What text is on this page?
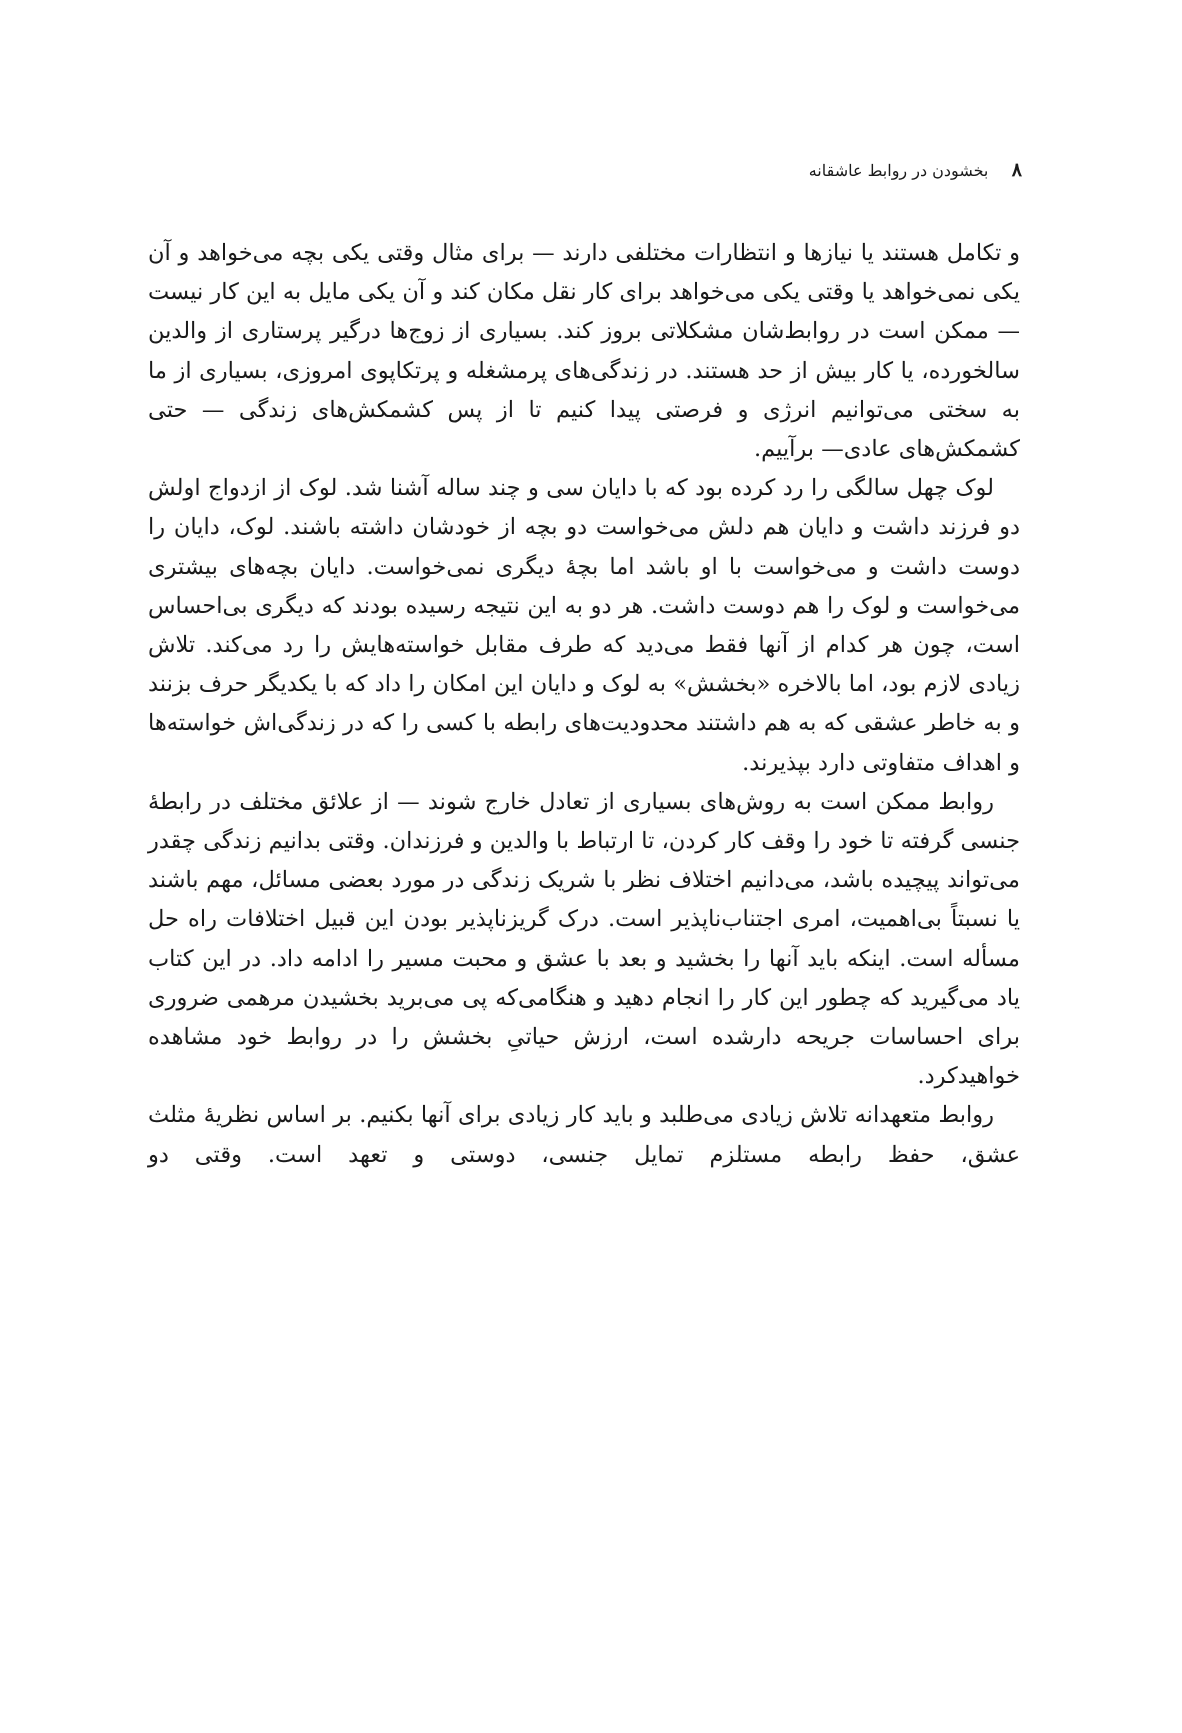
۸ بخشودن در روابط عاشقانه

و تکامل هستند یا نیازها و انتظارات مختلفی دارند — برای مثال وقتی یکی بچه می‌خواهد و آن یکی نمی‌خواهد یا وقتی یکی می‌خواهد برای کار نقل مکان کند و آن یکی مایل به این کار نیست — ممکن است در روابط‌شان مشکلاتی بروز کند. بسیاری از زوج‌ها درگیر پرستاری از والدین سالخورده، یا کار بیش از حد هستند. در زندگی‌های پرمشغله و پرتکاپوی امروزی، بسیاری از ما به سختی می‌توانیم انرژی و فرصتی پیدا کنیم تا از پس کشمکش‌های زندگی — حتی کشمکش‌های عادی— برآییم.

لوک چهل سالگی را رد کرده بود که با دایان سی و چند ساله آشنا شد. لوک از ازدواج اولش دو فرزند داشت و دایان هم دلش می‌خواست دو بچه از خودشان داشته باشند. لوک، دایان را دوست داشت و می‌خواست با او باشد اما بچهٔ دیگری نمی‌خواست. دایان بچه‌های بیشتری می‌خواست و لوک را هم دوست داشت. هر دو به این نتیجه رسیده بودند که دیگری بی‌احساس است، چون هر کدام از آنها فقط می‌دید که طرف مقابل خواسته‌هایش را رد می‌کند. تلاش زیادی لازم بود، اما بالاخره «بخشش» به لوک و دایان این امکان را داد که با یکدیگر حرف بزنند و به خاطر عشقی که به هم داشتند محدودیت‌های رابطه با کسی را که در زندگی‌اش خواسته‌ها و اهداف متفاوتی دارد بپذیرند.

روابط ممکن است به روش‌های بسیاری از تعادل خارج شوند — از علائق مختلف در رابطهٔ جنسی گرفته تا خود را وقف کار کردن، تا ارتباط با والدین و فرزندان. وقتی بدانیم زندگی چقدر می‌تواند پیچیده باشد، می‌دانیم اختلاف نظر با شریک زندگی در مورد بعضی مسائل، مهم باشند یا نسبتاً بی‌اهمیت، امری اجتناب‌ناپذیر است. درک گریزناپذیر بودن این قبیل اختلافات راه حل مسأله است. اینکه باید آنها را بخشید و بعد با عشق و محبت مسیر را ادامه داد. در این کتاب یاد می‌گیرید که چطور این کار را انجام دهید و هنگامی‌که پی می‌برید بخشیدن مرهمی ضروری برای احساسات جریحه دارشده است، ارزش حیاتیِ بخشش را در روابط خود مشاهده خواهیدکرد.

روابط متعهدانه تلاش زیادی می‌طلبد و باید کار زیادی برای آنها بکنیم. بر اساس نظریهٔ مثلث عشق، حفظ رابطه مستلزم تمایل جنسی، دوستی و تعهد است. وقتی دو
